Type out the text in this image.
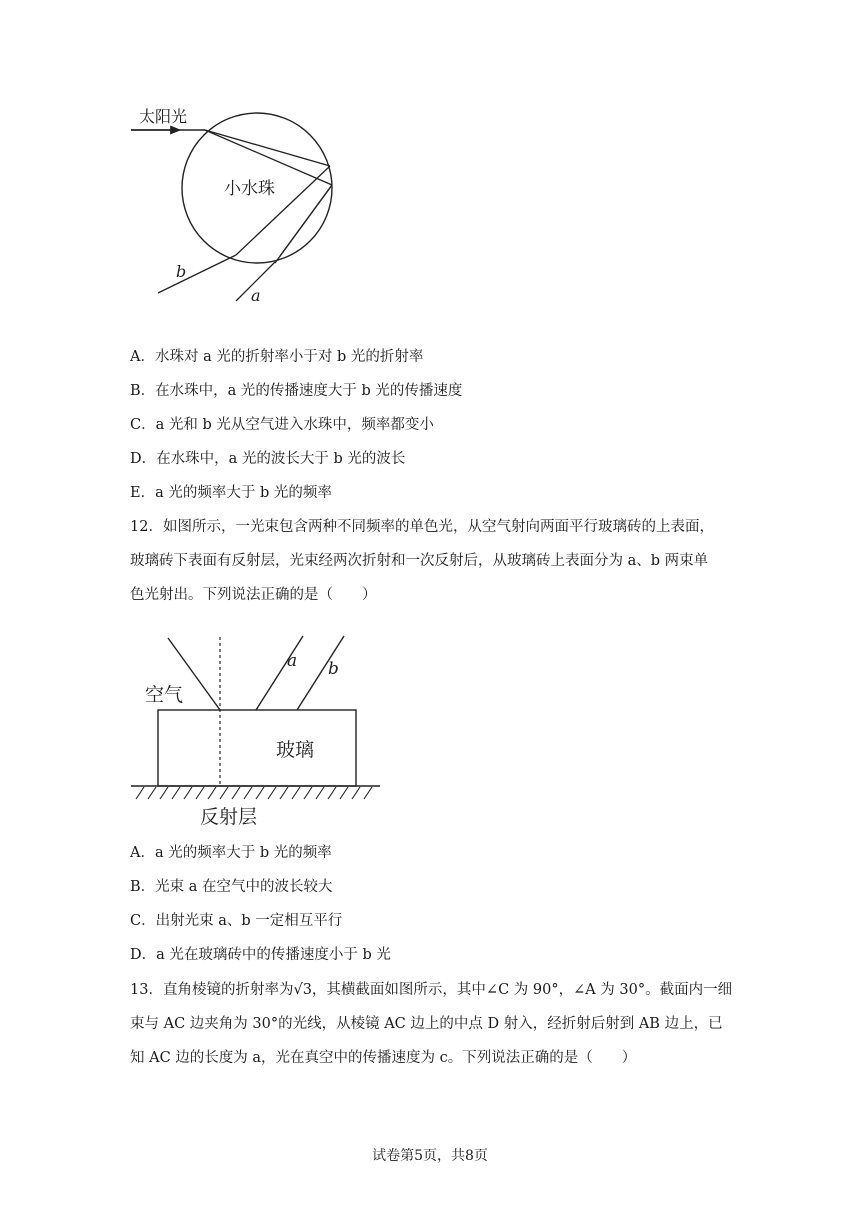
太阳光
小水珠
b
a
A．水珠对 a 光的折射率小于对 b 光的折射率
B．在水珠中，a 光的传播速度大于 b 光的传播速度
C．a 光和 b 光从空气进入水珠中，频率都变小
D．在水珠中，a 光的波长大于 b 光的波长
E．a 光的频率大于 b 光的频率
12．如图所示，一光束包含两种不同频率的单色光，从空气射向两面平行玻璃砖的上表面，
玻璃砖下表面有反射层，光束经两次折射和一次反射后，从玻璃砖上表面分为 a、b 两束单
色光射出。下列说法正确的是（　　）
空气
玻璃
反射层
a b
A．a 光的频率大于 b 光的频率
B．光束 a 在空气中的波长较大
C．出射光束 a、b 一定相互平行
D．a 光在玻璃砖中的传播速度小于 b 光
13．直角棱镜的折射率为√3，其横截面如图所示，其中∠C 为 90°，∠A 为 30°。截面内一细
束与 AC 边夹角为 30°的光线，从棱镜 AC 边上的中点 D 射入，经折射后射到 AB 边上，已
知 AC 边的长度为 a，光在真空中的传播速度为 c。下列说法正确的是（　　）
试卷第5页，共8页
